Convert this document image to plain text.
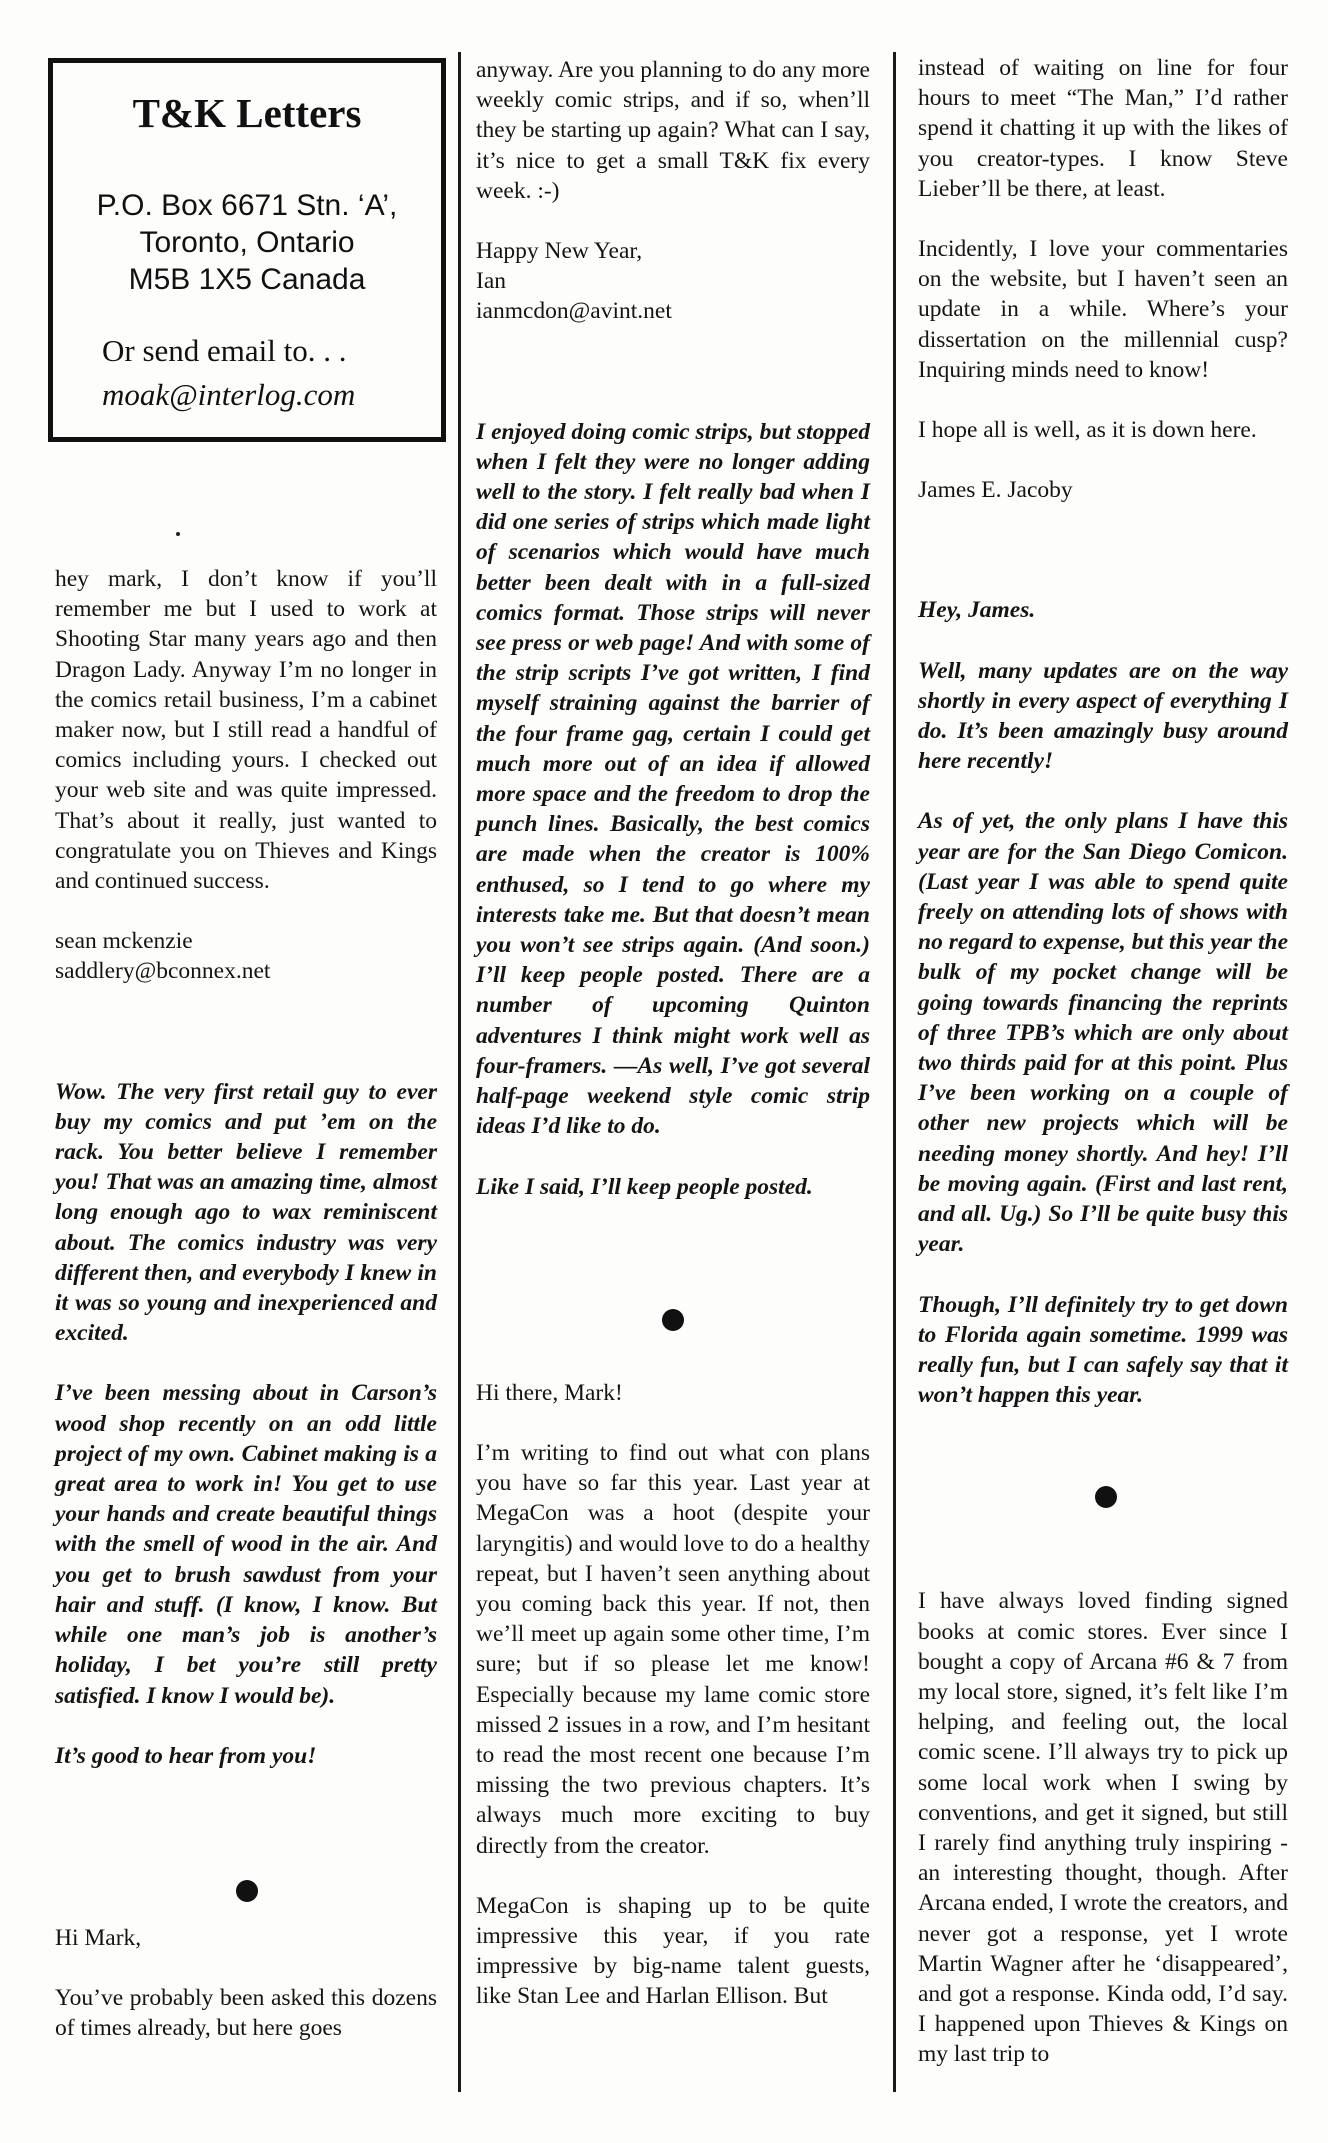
T&K Letters
P.O. Box 6671 Stn. ‘A’,
Toronto, Ontario
M5B 1X5 Canada
Or send email to. . .
moak@interlog.com

hey mark, I don’t know if you’ll remember me but I used to work at Shooting Star many years ago and then Dragon Lady. Anyway I’m no longer in the comics retail business, I’m a cabinet maker now, but I still read a handful of comics including yours. I checked out your web site and was quite impressed. That’s about it really, just wanted to congratulate you on Thieves and Kings and continued success.

sean mckenzie

saddlery@bconnex.net

Wow. The very first retail guy to ever buy my comics and put ’em on the rack. You better believe I remember you! That was an amazing time, almost long enough ago to wax reminiscent about. The comics industry was very different then, and everybody I knew in it was so young and inexperienced and excited.

I’ve been messing about in Carson’s wood shop recently on an odd little project of my own. Cabinet making is a great area to work in! You get to use your hands and create beautiful things with the smell of wood in the air. And you get to brush sawdust from your hair and stuff. (I know, I know. But while one man’s job is another’s holiday, I bet you’re still pretty satisfied. I know I would be).

It’s good to hear from you!

Hi Mark,

You’ve probably been asked this dozens of times already, but here goes

anyway. Are you planning to do any more weekly comic strips, and if so, when’ll they be starting up again? What can I say, it’s nice to get a small T&K fix every week. :-)

Happy New Year,

Ian

ianmcdon@avint.net

I enjoyed doing comic strips, but stopped when I felt they were no longer adding well to the story. I felt really bad when I did one series of strips which made light of scenarios which would have much better been dealt with in a full-sized comics format. Those strips will never see press or web page! And with some of the strip scripts I’ve got written, I find myself straining against the barrier of the four frame gag, certain I could get much more out of an idea if allowed more space and the freedom to drop the punch lines. Basically, the best comics are made when the creator is 100% enthused, so I tend to go where my interests take me. But that doesn’t mean you won’t see strips again. (And soon.) I’ll keep people posted. There are a number of upcoming Quinton adventures I think might work well as four-framers. —As well, I’ve got several half-page weekend style comic strip ideas I’d like to do.

Like I said, I’ll keep people posted.

Hi there, Mark!

I’m writing to find out what con plans you have so far this year. Last year at MegaCon was a hoot (despite your laryngitis) and would love to do a healthy repeat, but I haven’t seen anything about you coming back this year. If not, then we’ll meet up again some other time, I’m sure; but if so please let me know! Especially because my lame comic store missed 2 issues in a row, and I’m hesitant to read the most recent one because I’m missing the two previous chapters. It’s always much more exciting to buy directly from the creator.

MegaCon is shaping up to be quite impressive this year, if you rate impressive by big-name talent guests, like Stan Lee and Harlan Ellison. But

instead of waiting on line for four hours to meet “The Man,” I’d rather spend it chatting it up with the likes of you creator-types. I know Steve Lieber’ll be there, at least.

Incidently, I love your commentaries on the website, but I haven’t seen an update in a while. Where’s your dissertation on the millennial cusp? Inquiring minds need to know!

I hope all is well, as it is down here.

James E. Jacoby

Hey, James.

Well, many updates are on the way shortly in every aspect of everything I do. It’s been amazingly busy around here recently!

As of yet, the only plans I have this year are for the San Diego Comicon. (Last year I was able to spend quite freely on attending lots of shows with no regard to expense, but this year the bulk of my pocket change will be going towards financing the reprints of three TPB’s which are only about two thirds paid for at this point. Plus I’ve been working on a couple of other new projects which will be needing money shortly. And hey! I’ll be moving again. (First and last rent, and all. Ug.) So I’ll be quite busy this year.

Though, I’ll definitely try to get down to Florida again sometime. 1999 was really fun, but I can safely say that it won’t happen this year.

I have always loved finding signed books at comic stores. Ever since I bought a copy of Arcana #6 & 7 from my local store, signed, it’s felt like I’m helping, and feeling out, the local comic scene. I’ll always try to pick up some local work when I swing by conventions, and get it signed, but still I rarely find anything truly inspiring - an interesting thought, though. After Arcana ended, I wrote the creators, and never got a response, yet I wrote Martin Wagner after he ‘disappeared’, and got a response. Kinda odd, I’d say. I happened upon Thieves & Kings on my last trip to
